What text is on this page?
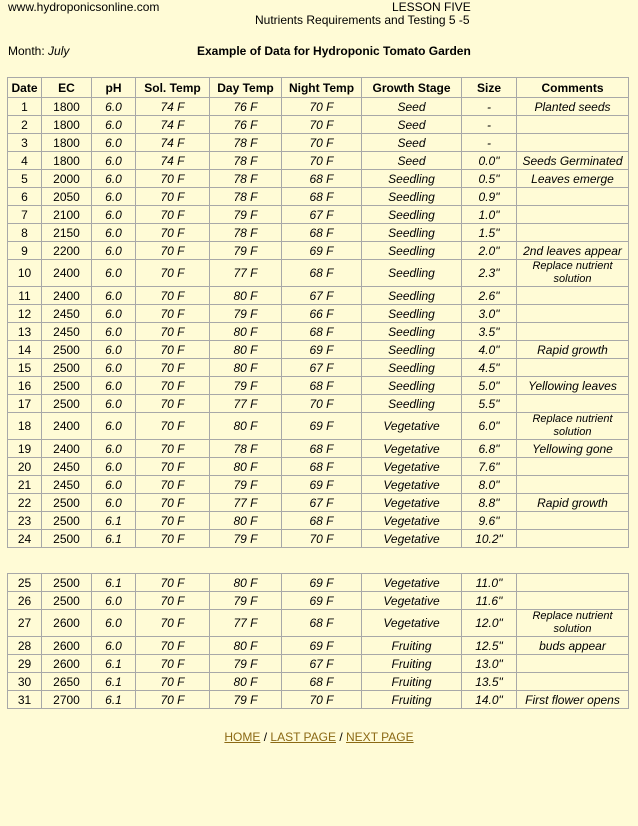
www.hydroponicsonline.com	LESSON FIVE
Nutrients Requirements and Testing 5 -5
Month: July	Example of Data for Hydroponic Tomato Garden
Date	EC	pH	Sol. Temp	Day Temp	Night Temp	Growth Stage	Size	Comments
1	1800	6.0	74 F	76 F	70 F	Seed	-	Planted seeds
2	1800	6.0	74 F	76 F	70 F	Seed	-	
3	1800	6.0	74 F	78 F	70 F	Seed	-	
4	1800	6.0	74 F	78 F	70 F	Seed	0.0"	Seeds Germinated
5	2000	6.0	70 F	78 F	68 F	Seedling	0.5"	Leaves emerge
6	2050	6.0	70 F	78 F	68 F	Seedling	0.9"	
7	2100	6.0	70 F	79 F	67 F	Seedling	1.0"	
8	2150	6.0	70 F	78 F	68 F	Seedling	1.5"	
9	2200	6.0	70 F	79 F	69 F	Seedling	2.0"	2nd leaves appear
10	2400	6.0	70 F	77 F	68 F	Seedling	2.3"	Replace nutrient solution
11	2400	6.0	70 F	80 F	67 F	Seedling	2.6"	
12	2450	6.0	70 F	79 F	66 F	Seedling	3.0"	
13	2450	6.0	70 F	80 F	68 F	Seedling	3.5"	
14	2500	6.0	70 F	80 F	69 F	Seedling	4.0"	Rapid growth
15	2500	6.0	70 F	80 F	67 F	Seedling	4.5"	
16	2500	6.0	70 F	79 F	68 F	Seedling	5.0"	Yellowing leaves
17	2500	6.0	70 F	77 F	70 F	Seedling	5.5"	
18	2400	6.0	70 F	80 F	69 F	Vegetative	6.0"	Replace nutrient solution
19	2400	6.0	70 F	78 F	68 F	Vegetative	6.8"	Yellowing gone
20	2450	6.0	70 F	80 F	68 F	Vegetative	7.6"	
21	2450	6.0	70 F	79 F	69 F	Vegetative	8.0"	
22	2500	6.0	70 F	77 F	67 F	Vegetative	8.8"	Rapid growth
23	2500	6.1	70 F	80 F	68 F	Vegetative	9.6"	
24	2500	6.1	70 F	79 F	70 F	Vegetative	10.2"	
25	2500	6.1	70 F	80 F	69 F	Vegetative	11.0"	
26	2500	6.0	70 F	79 F	69 F	Vegetative	11.6"	
27	2600	6.0	70 F	77 F	68 F	Vegetative	12.0"	Replace nutrient solution
28	2600	6.0	70 F	80 F	69 F	Fruiting	12.5"	buds appear
29	2600	6.1	70 F	79 F	67 F	Fruiting	13.0"	
30	2650	6.1	70 F	80 F	68 F	Fruiting	13.5"	
31	2700	6.1	70 F	79 F	70 F	Fruiting	14.0"	First flower opens
HOME / LAST PAGE / NEXT PAGE
